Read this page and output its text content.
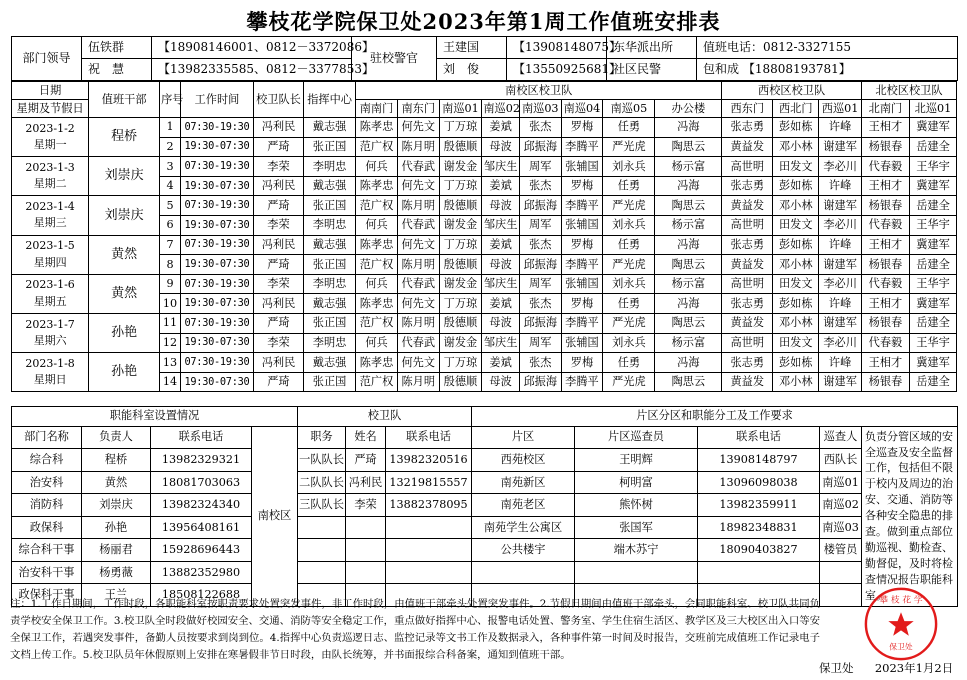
攀枝花学院保卫处2023年第1周工作值班安排表
部门领导	伍铁群	【18908146001、0812－3372086】	驻校警官	王建国	【13908148075】	东华派出所	值班电话：0812-3327155
	祝　慧	【13982335585、0812－3377853】		刘　俊	【13550925681】	社区民警	包和成 【18808193781】
日期	值班干部	序号	工作时间	校卫队长	指挥中心	南校区校卫队								西校区校卫队			北校区校卫队	
星期及节假日						南南门	南东门	南巡01	南巡02	南巡03	南巡04	南巡05	办公楼	西东门	西北门	西巡01	北南门	北巡01

2023-1-2
星期一	程桥	1	07:30-19:30	冯利民	戴志强	陈孝忠	何先文	丁万琼	姜斌	张杰	罗梅	任勇	冯海	张志勇	彭如栋	许峰	王相才	冀建军
		2	19:30-07:30	严琦	张正国	范广权	陈月明	殷德顺	母波	邱振海	李腾平	严光虎	陶思云	黄益发	邓小林	谢建军	杨银春	岳建全

2023-1-3
星期二	刘崇庆	3	07:30-19:30	李荣	李明忠	何兵	代春武	谢发金	邹庆生	周军	张辅国	刘永兵	杨示富	高世明	田发文	李必川	代春毅	王华宇
		4	19:30-07:30	冯利民	戴志强	陈孝忠	何先文	丁万琼	姜斌	张杰	罗梅	任勇	冯海	张志勇	彭如栋	许峰	王相才	冀建军

2023-1-4
星期三	刘崇庆	5	07:30-19:30	严琦	张正国	范广权	陈月明	殷德顺	母波	邱振海	李腾平	严光虎	陶思云	黄益发	邓小林	谢建军	杨银春	岳建全
		6	19:30-07:30	李荣	李明忠	何兵	代春武	谢发金	邹庆生	周军	张辅国	刘永兵	杨示富	高世明	田发文	李必川	代春毅	王华宇

2023-1-5
星期四	黄然	7	07:30-19:30	冯利民	戴志强	陈孝忠	何先文	丁万琼	姜斌	张杰	罗梅	任勇	冯海	张志勇	彭如栋	许峰	王相才	冀建军
		8	19:30-07:30	严琦	张正国	范广权	陈月明	殷德顺	母波	邱振海	李腾平	严光虎	陶思云	黄益发	邓小林	谢建军	杨银春	岳建全

2023-1-6
星期五	黄然	9	07:30-19:30	李荣	李明忠	何兵	代春武	谢发金	邹庆生	周军	张辅国	刘永兵	杨示富	高世明	田发文	李必川	代春毅	王华宇
		10	19:30-07:30	冯利民	戴志强	陈孝忠	何先文	丁万琼	姜斌	张杰	罗梅	任勇	冯海	张志勇	彭如栋	许峰	王相才	冀建军

2023-1-7
星期六	孙艳	11	07:30-19:30	严琦	张正国	范广权	陈月明	殷德顺	母波	邱振海	李腾平	严光虎	陶思云	黄益发	邓小林	谢建军	杨银春	岳建全
		12	19:30-07:30	李荣	李明忠	何兵	代春武	谢发金	邹庆生	周军	张辅国	刘永兵	杨示富	高世明	田发文	李必川	代春毅	王华宇

2023-1-8
星期日	孙艳	13	07:30-19:30	冯利民	戴志强	陈孝忠	何先文	丁万琼	姜斌	张杰	罗梅	任勇	冯海	张志勇	彭如栋	许峰	王相才	冀建军
		14	19:30-07:30	严琦	张正国	范广权	陈月明	殷德顺	母波	邱振海	李腾平	严光虎	陶思云	黄益发	邓小林	谢建军	杨银春	岳建全
职能科室设置情况				校卫队			片区分区和职能分工及工作要求				
部门名称	负责人	联系电话	南校区	职务	姓名	联系电话	片区	片区巡查员	联系电话	巡查人	负责分管区域的安全巡查及安全监督工作，包括但不限于校内及周边的治安、交通、消防等各种安全隐患的排查。做到重点部位勤巡视、勤检查、勤督促，及时将检查情况报告职能科室。
综合科	程桥	13982329321		一队队长	严琦	13982320516	西苑校区	王明辉	13908148797	西队长	
治安科	黄然	18081703063		二队队长	冯利民	13219815557	南苑新区	柯明富	13096098038	南巡01	
消防科	刘崇庆	13982324340		三队队长	李荣	13882378095	南苑老区	熊怀树	13982359911	南巡02	
政保科	孙艳	13956408161					南苑学生公寓区	张国军	18982348831	南巡03	
综合科干事	杨丽君	15928696443					公共楼宇	端木苏宁	18090403827	楼管员	
治安科干事	杨勇薇	13882352980									
政保科干事	王兰	18508122688									
注：1.工作日期间，工作时段，各职能科室按职责要求处置突发事件，非工作时段，由值班干部牵头处置突发事件。2.节假日期间由值班干部牵头，会同职能科室、校卫队共同负责学校安全保卫工作。3.校卫队全时段做好校园安全、交通、消防等安全稳定工作，重点做好指挥中心、报警电话处置、警务室、学生住宿生活区、教学区及三大校区出入口等安全保卫工作，若遇突发事件，备勤人员按要求到岗到位。4.指挥中心负责巡逻日志、监控记录等文书工作及数据录入，各种事件第一时间及时报告，交班前完成值班工作记录电子文档上传工作。5.校卫队员年休假原则上安排在寒暑假非节日时段，由队长统筹，并书面报综合科备案，通知到值班干部。
攀 枝 花 学
保卫处
保卫处 2023年1月2日
